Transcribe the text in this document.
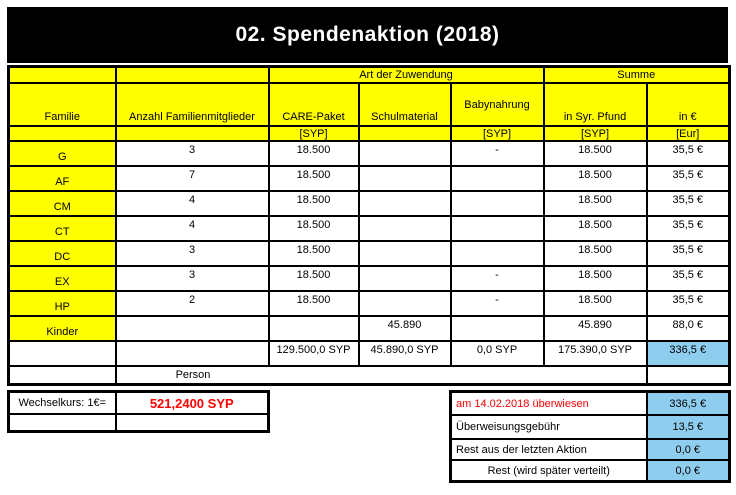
02. Spendenaktion (2018)
		Art der Zuwendung			Summe	
Familie	Anzahl Familienmitglieder	CARE-Paket	Schulmaterial	Babynahrung	in Syr. Pfund	in €
		[SYP]		[SYP]	[SYP]	[Eur]
G	3	18.500		-	18.500	35,5 €
AF	7	18.500			18.500	35,5 €
CM	4	18.500			18.500	35,5 €
CT	4	18.500			18.500	35,5 €
DC	3	18.500			18.500	35,5 €
EX	3	18.500		-	18.500	35,5 €
HP	2	18.500		-	18.500	35,5 €
Kinder			45.890		45.890	88,0 €
		129.500,0 SYP	45.890,0 SYP	0,0 SYP	175.390,0 SYP	336,5 €

	Person					

Wechselkurs: 1€=	521,2400 SYP
		am 14.02.2018 überwiesen	336,5 €
Überweisungsgebühr	13,5 €
Rest aus der letzten Aktion	0,0 €
Rest (wird später verteilt)	0,0 €
